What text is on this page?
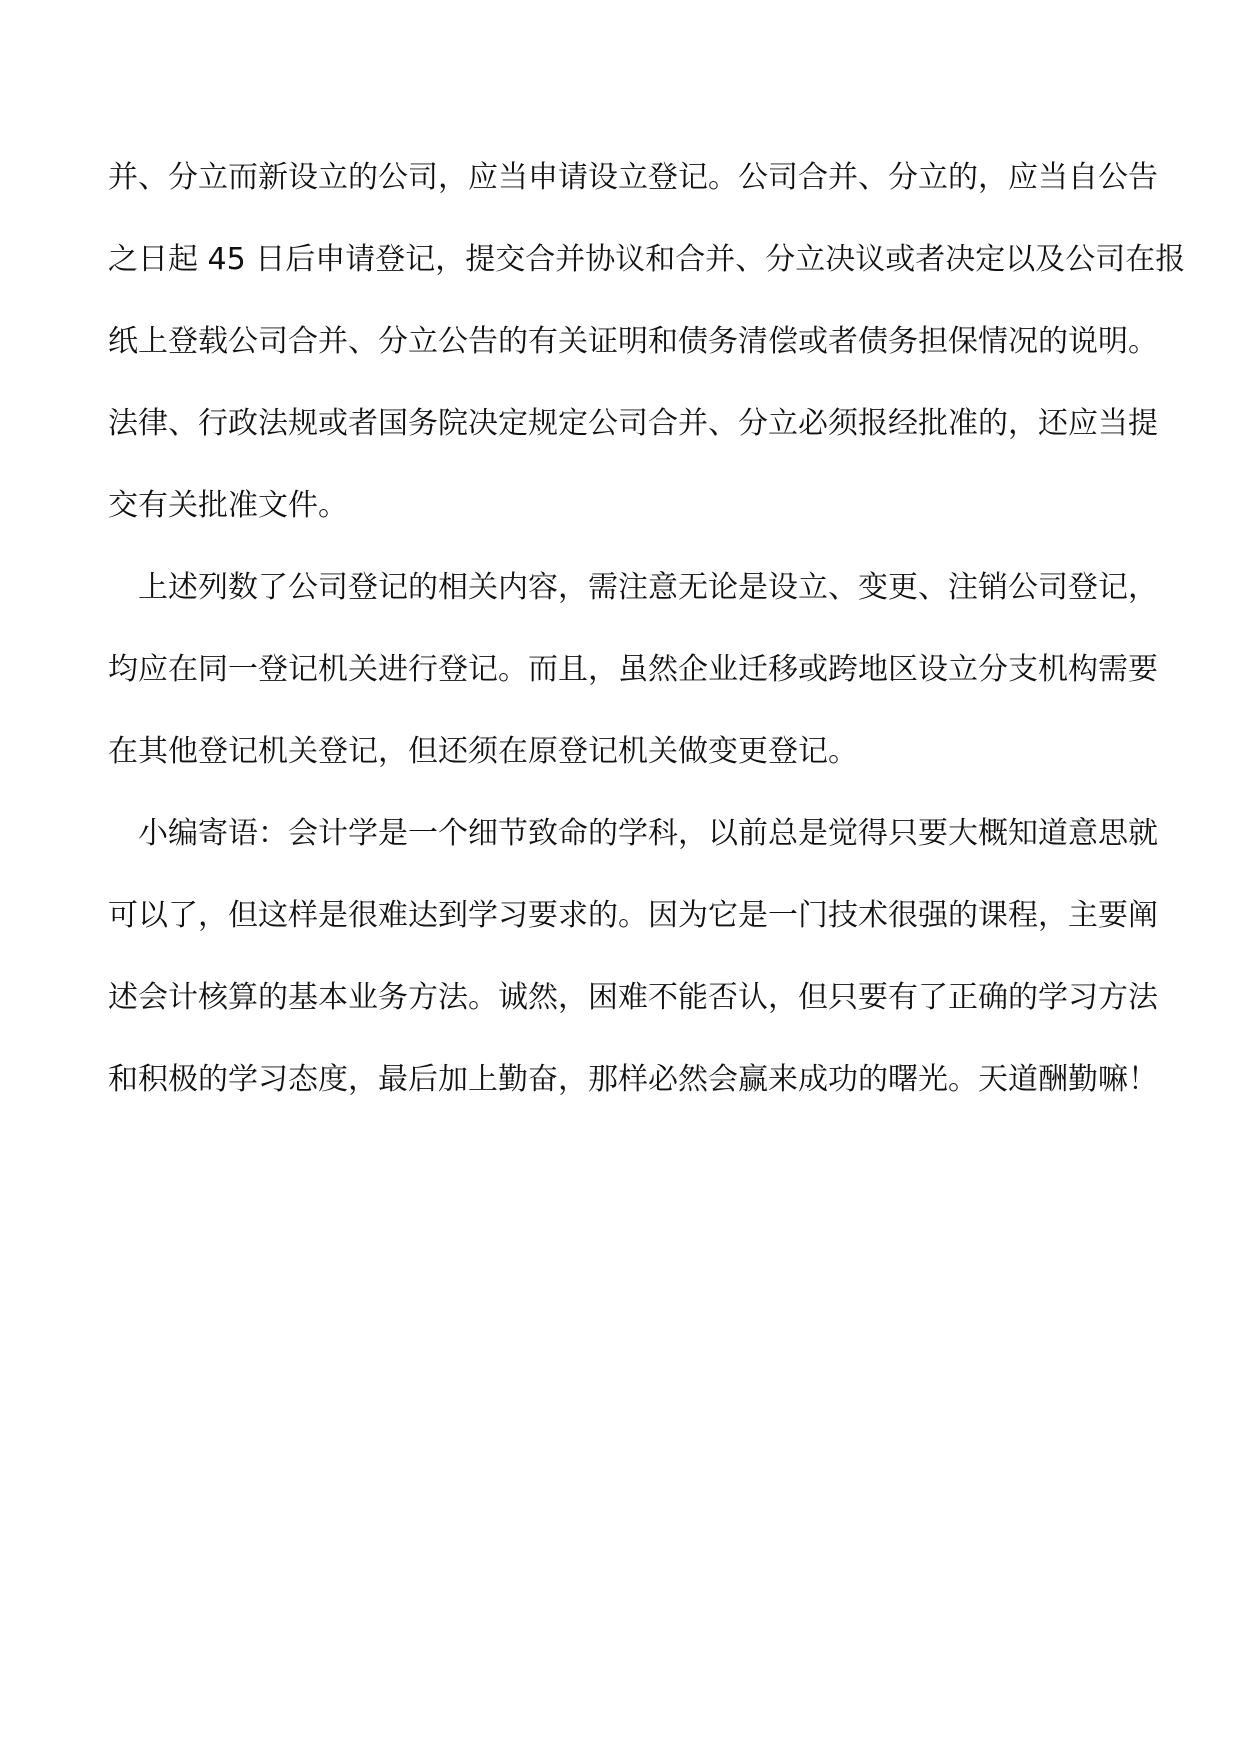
并、分立而新设立的公司，应当申请设立登记。公司合并、分立的，应当自公告
之日起 45 日后申请登记，提交合并协议和合并、分立决议或者决定以及公司在报
纸上登载公司合并、分立公告的有关证明和债务清偿或者债务担保情况的说明。
法律、行政法规或者国务院决定规定公司合并、分立必须报经批准的，还应当提
交有关批准文件。
上述列数了公司登记的相关内容，需注意无论是设立、变更、注销公司登记，
均应在同一登记机关进行登记。而且，虽然企业迁移或跨地区设立分支机构需要
在其他登记机关登记，但还须在原登记机关做变更登记。
小编寄语：会计学是一个细节致命的学科，以前总是觉得只要大概知道意思就
可以了，但这样是很难达到学习要求的。因为它是一门技术很强的课程，主要阐
述会计核算的基本业务方法。诚然，困难不能否认，但只要有了正确的学习方法
和积极的学习态度，最后加上勤奋，那样必然会赢来成功的曙光。天道酬勤嘛！
